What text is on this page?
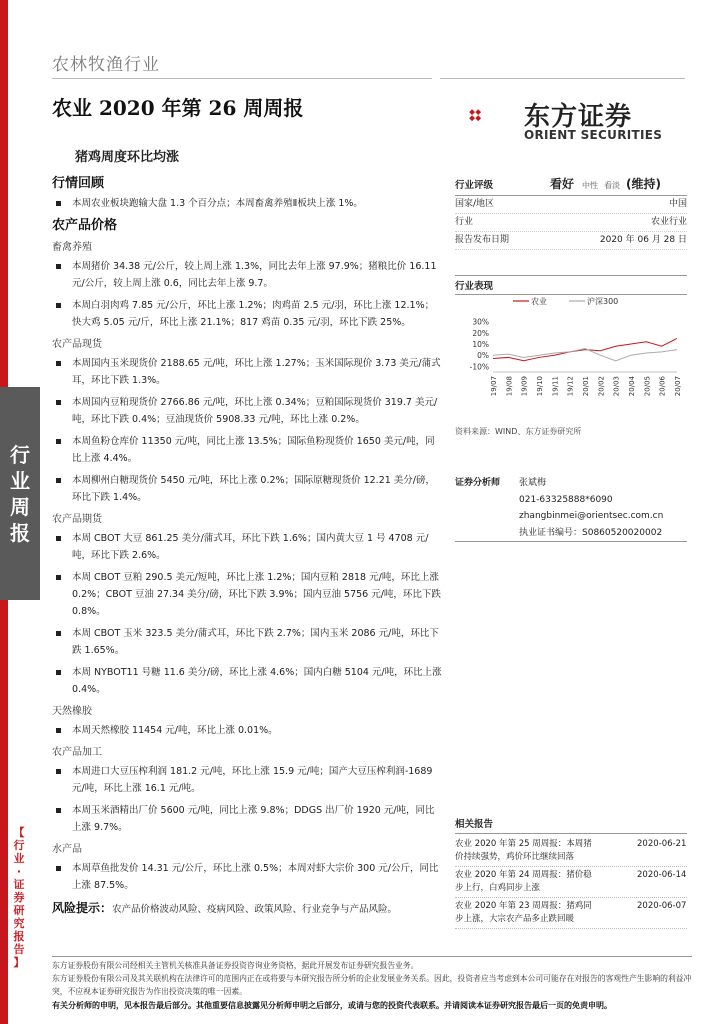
行
业
周
报
【
行
业
·
证
券
研
究
报
告
】
农林牧渔行业
农业 2020 年第 26 周周报
猪鸡周度环比均涨
东方证券
ORIENT SECURITIES
行情回顾
本周农业板块跑输大盘 1.3 个百分点；本周畜禽养殖Ⅱ板块上涨 1%。
农产品价格
畜禽养殖
本周猪价 34.38 元/公斤，较上周上涨 1.3%，同比去年上涨 97.9%；猪粮比价 16.11 元/公斤，较上周上涨 0.6，同比去年上涨 9.7。
本周白羽肉鸡 7.85 元/公斤，环比上涨 1.2%；肉鸡苗 2.5 元/羽，环比上涨 12.1%；快大鸡 5.05 元/斤，环比上涨 21.1%；817 鸡苗 0.35 元/羽，环比下跌 25%。
农产品现货
本周国内玉米现货价 2188.65 元/吨，环比上涨 1.27%；玉米国际现价 3.73 美元/蒲式耳，环比下跌 1.3%。
本周国内豆粕现货价 2766.86 元/吨，环比上涨 0.34%；豆粕国际现货价 319.7 美元/吨，环比下跌 0.4%；豆油现货价 5908.33 元/吨，环比上涨 0.2%。
本周鱼粉仓库价 11350 元/吨，同比上涨 13.5%；国际鱼粉现货价 1650 美元/吨，同比上涨 4.4%。
本周柳州白糖现货价 5450 元/吨，环比上涨 0.2%；国际原糖现货价 12.21 美分/磅，环比下跌 1.4%。
农产品期货
本周 CBOT 大豆 861.25 美分/蒲式耳，环比下跌 1.6%；国内黄大豆 1 号 4708 元/吨，环比下跌 2.6%。
本周 CBOT 豆粕 290.5 美元/短吨，环比上涨 1.2%；国内豆粕 2818 元/吨，环比上涨 0.2%；CBOT 豆油 27.34 美分/磅，环比下跌 3.9%；国内豆油 5756 元/吨，环比下跌 0.8%。
本周 CBOT 玉米 323.5 美分/蒲式耳，环比下跌 2.7%；国内玉米 2086 元/吨，环比下跌 1.65%。
本周 NYBOT11 号糖 11.6 美分/磅，环比上涨 4.6%；国内白糖 5104 元/吨，环比上涨 0.4%。
天然橡胶
本周天然橡胶 11454 元/吨，环比上涨 0.01%。
农产品加工
本周进口大豆压榨利润 181.2 元/吨，环比上涨 15.9 元/吨；国产大豆压榨利润-1689 元/吨，环比上涨 16.1 元/吨。
本周玉米酒精出厂价 5600 元/吨，同比上涨 9.8%；DDGS 出厂价 1920 元/吨，同比上涨 9.7%。
水产品
本周草鱼批发价 14.31 元/公斤，环比上涨 0.5%；本周对虾大宗价 300 元/公斤，同比上涨 87.5%。
风险提示：农产品价格波动风险、疫病风险、政策风险、行业竞争与产品风险。
行业评级	看好 中性 看淡 (维持)
国家/地区	中国
行业	农业行业
报告发布日期	2020 年 06 月 28 日
行业表现
农业	沪深300
30%
20%
10%
0%
-10%
19/07 19/08 19/09 19/10 19/11 19/12 20/01 20/02 20/03 20/04 20/05 20/06 20/07
资料来源：WIND、东方证券研究所
证券分析师	张斌梅
021-63325888*6090
zhangbinmei@orientsec.com.cn
执业证书编号：S0860520020002
相关报告
农业 2020 年第 25 周周报：本周猪价持续强势，鸡价环比继续回落
2020-06-21
农业 2020 年第 24 周周报：猪价稳步上行，白鸡同步上涨
2020-06-14
农业 2020 年第 23 周周报：猪鸡同步上涨，大宗农产品多止跌回暖
2020-06-07
东方证券股份有限公司经相关主管机关核准具备证券投资咨询业务资格，据此开展发布证券研究报告业务。
东方证券股份有限公司及其关联机构在法律许可的范围内正在或将要与本研究报告所分析的企业发展业务关系。因此，投资者应当考虑到本公司可能存在对报告的客观性产生影响的利益冲突，不应视本证券研究报告为作出投资决策的唯一因素。
有关分析师的申明，见本报告最后部分。其他重要信息披露见分析师申明之后部分，或请与您的投资代表联系。并请阅读本证券研究报告最后一页的免责申明。
